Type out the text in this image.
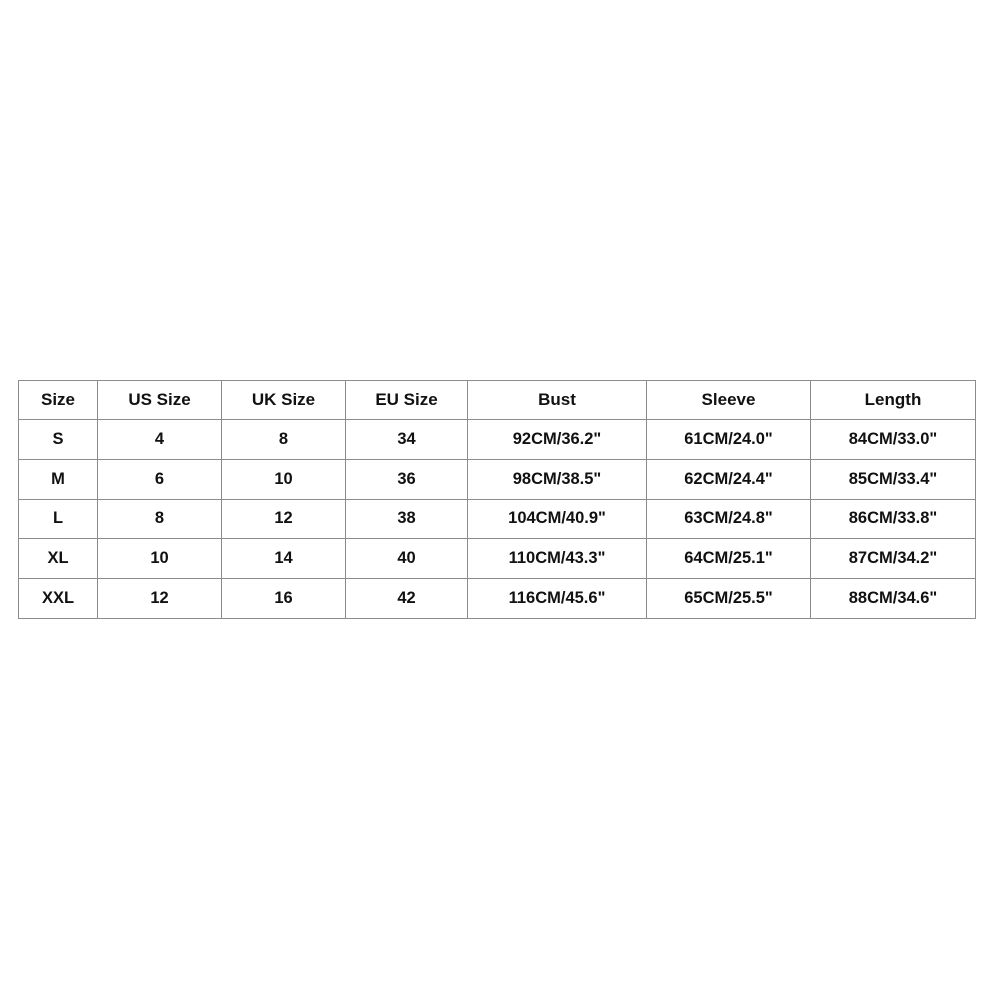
Size	US Size	UK Size	EU Size	Bust	Sleeve	Length
S	4	8	34	92CM/36.2"	61CM/24.0"	84CM/33.0"
M	6	10	36	98CM/38.5"	62CM/24.4"	85CM/33.4"
L	8	12	38	104CM/40.9"	63CM/24.8"	86CM/33.8"
XL	10	14	40	110CM/43.3"	64CM/25.1"	87CM/34.2"
XXL	12	16	42	116CM/45.6"	65CM/25.5"	88CM/34.6"
